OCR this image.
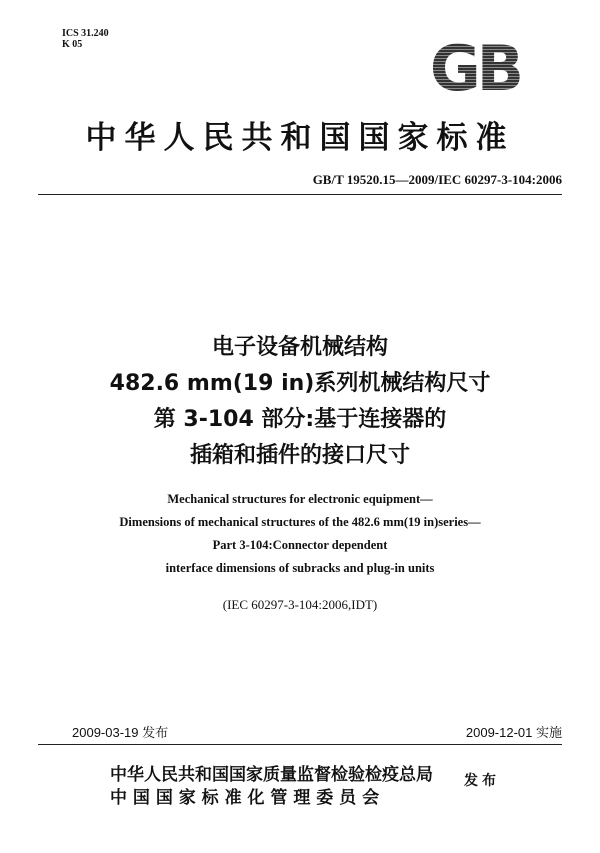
ICS 31.240
K 05	GB
中华人民共和国国家标准
GB/T 19520.15—2009/IEC 60297-3-104:2006
电子设备机械结构
482.6 mm(19 in)系列机械结构尺寸
第 3-104 部分:基于连接器的
插箱和插件的接口尺寸
Mechanical structures for electronic equipment—
Dimensions of mechanical structures of the 482.6 mm(19 in)series—
Part 3-104:Connector dependent
interface dimensions of subracks and plug-in units
(IEC 60297-3-104:2006,IDT)
2009-03-19 发布	2009-12-01 实施
中华人民共和国国家质量监督检验检疫总局
中 国 国 家 标 准 化 管 理 委 员 会
发布
